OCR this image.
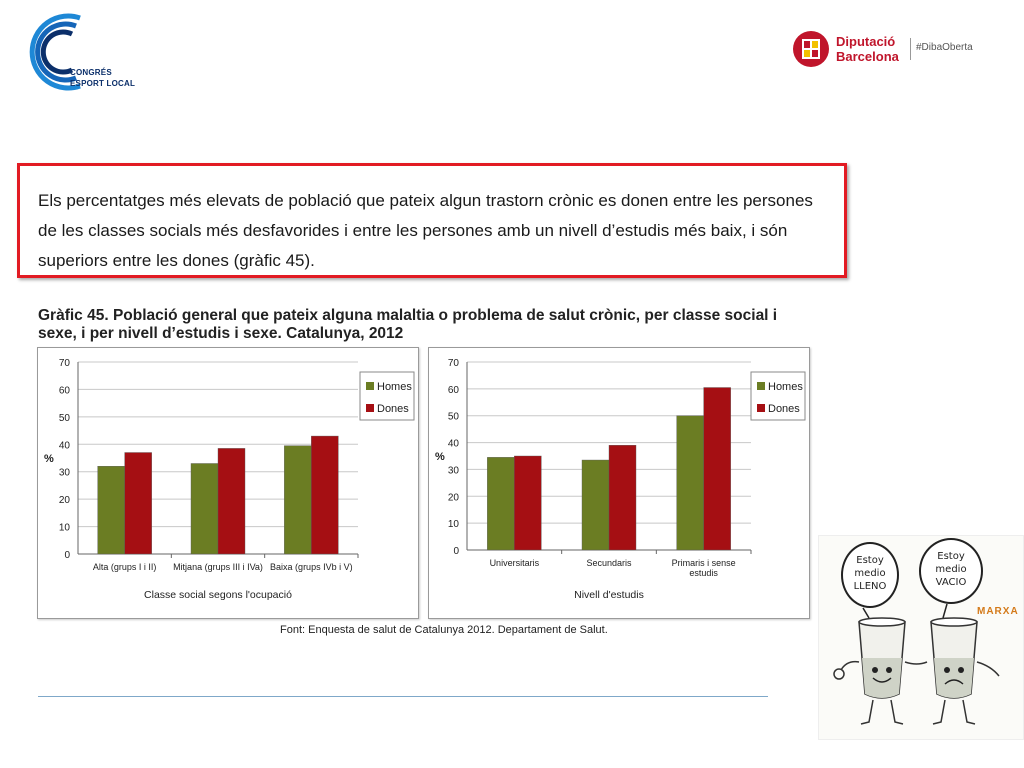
CONGRÉS
ESPORT LOCAL
Diputació
Barcelona
#DibaOberta

Els percentatges més elevats de població que pateix algun trastorn crònic es donen entre les persones de les classes socials més desfavorides i entre les persones amb un nivell d’estudis més baix, i són superiors entre les dones (gràfic 45).

Gràfic 45. Població general que pateix alguna malaltia o problema de salut crònic, per classe social i sexe, i per nivell d’estudis i sexe. Catalunya, 2012
0
10
20
30
40
50
60
70
%
Alta (grups I i II) Mitjana (grups III i IVa) Baixa (grups IVb i V)
Classe social segons l'ocupació
Homes
Dones
0
10
20
30
40
50
60
70
%
Universitaris	Secundaris	Primaris i sense
estudis
Nivell d'estudis
Homes
Dones
Font: Enquesta de salut de Catalunya 2012. Departament de Salut.
Estoy
medio
LLENO
Estoy
medio
VACIO
MARXA
